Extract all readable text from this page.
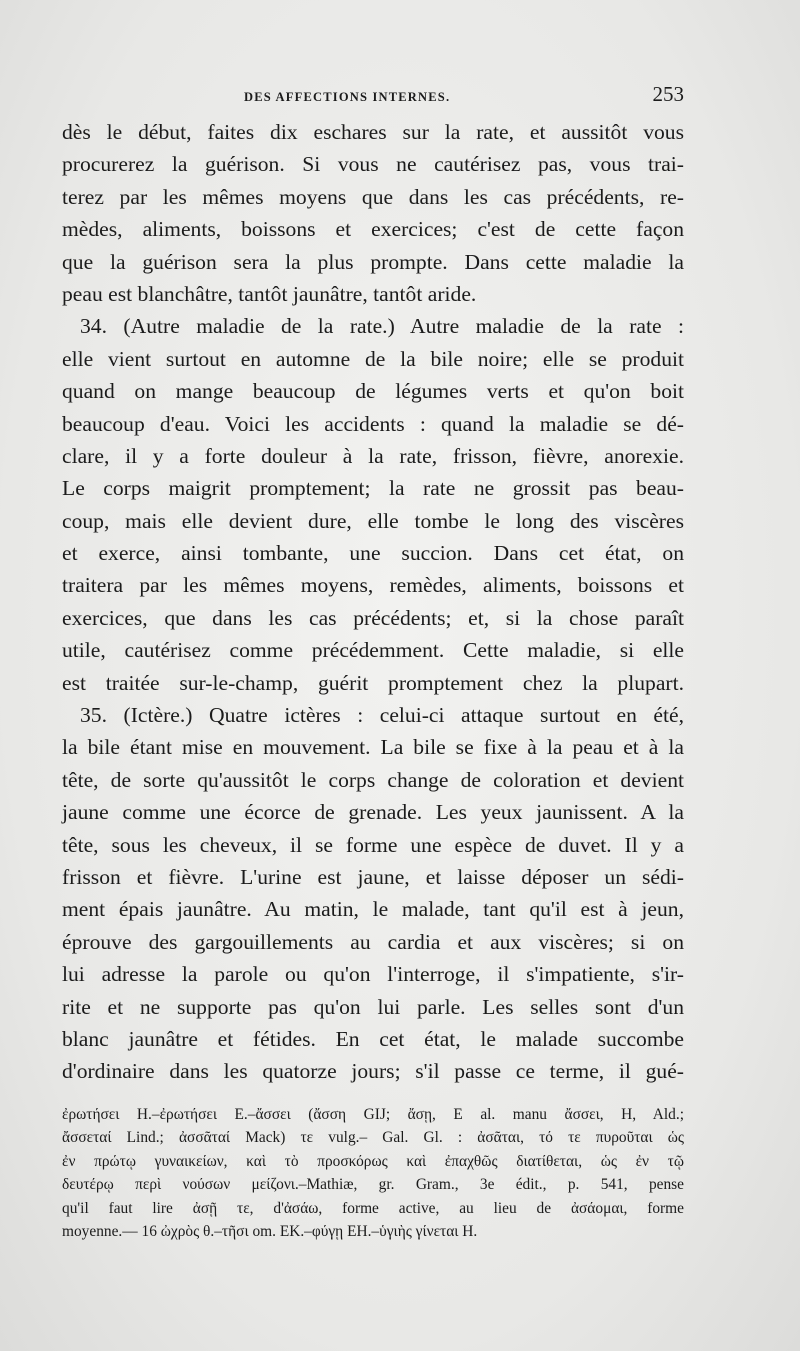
DES AFFECTIONS INTERNES.	253
dès le début, faites dix eschares sur la rate, et aussitôt vous
procurerez la guérison. Si vous ne cautérisez pas, vous trai-
terez par les mêmes moyens que dans les cas précédents, re-
mèdes, aliments, boissons et exercices; c'est de cette façon
que la guérison sera la plus prompte. Dans cette maladie la
peau est blanchâtre, tantôt jaunâtre, tantôt aride.
34. (Autre maladie de la rate.) Autre maladie de la rate :
elle vient surtout en automne de la bile noire; elle se produit
quand on mange beaucoup de légumes verts et qu'on boit
beaucoup d'eau. Voici les accidents : quand la maladie se dé-
clare, il y a forte douleur à la rate, frisson, fièvre, anorexie.
Le corps maigrit promptement; la rate ne grossit pas beau-
coup, mais elle devient dure, elle tombe le long des viscères
et exerce, ainsi tombante, une succion. Dans cet état, on
traitera par les mêmes moyens, remèdes, aliments, boissons et
exercices, que dans les cas précédents; et, si la chose paraît
utile, cautérisez comme précédemment. Cette maladie, si elle
est traitée sur-le-champ, guérit promptement chez la plupart.
35. (Ictère.) Quatre ictères : celui-ci attaque surtout en été,
la bile étant mise en mouvement. La bile se fixe à la peau et à la
tête, de sorte qu'aussitôt le corps change de coloration et devient
jaune comme une écorce de grenade. Les yeux jaunissent. A la
tête, sous les cheveux, il se forme une espèce de duvet. Il y a
frisson et fièvre. L'urine est jaune, et laisse déposer un sédi-
ment épais jaunâtre. Au matin, le malade, tant qu'il est à jeun,
éprouve des gargouillements au cardia et aux viscères; si on
lui adresse la parole ou qu'on l'interroge, il s'impatiente, s'ir-
rite et ne supporte pas qu'on lui parle. Les selles sont d'un
blanc jaunâtre et fétides. En cet état, le malade succombe
d'ordinaire dans les quatorze jours; s'il passe ce terme, il gué-
ἐρωτήσει H.–ἐρωτήσει E.–ἄσσει (ἄσση GIJ; ἄσῃ, E al. manu ἄσσει, H, Ald.;
ἄσσεταί Lind.; ἀσσᾶταί Mack) τε vulg.– Gal. Gl. : ἀσᾶται, τό τε πυροῦται ὡς
ἐν πρώτῳ γυναικείων, καὶ τὸ προσκόρως καὶ ἐπαχθῶς διατίθεται, ὡς ἐν τῷ
δευτέρῳ περὶ νούσων μείζονι.–Mathiæ, gr. Gram., 3e édit., p. 541, pense
qu'il faut lire ἀσῇ τε, d'ἀσάω, forme active, au lieu de ἀσάομαι, forme
moyenne.— 16 ὠχρὸς θ.–τῆσι om. EK.–φύγῃ EH.–ὑγιὴς γίνεται H.
